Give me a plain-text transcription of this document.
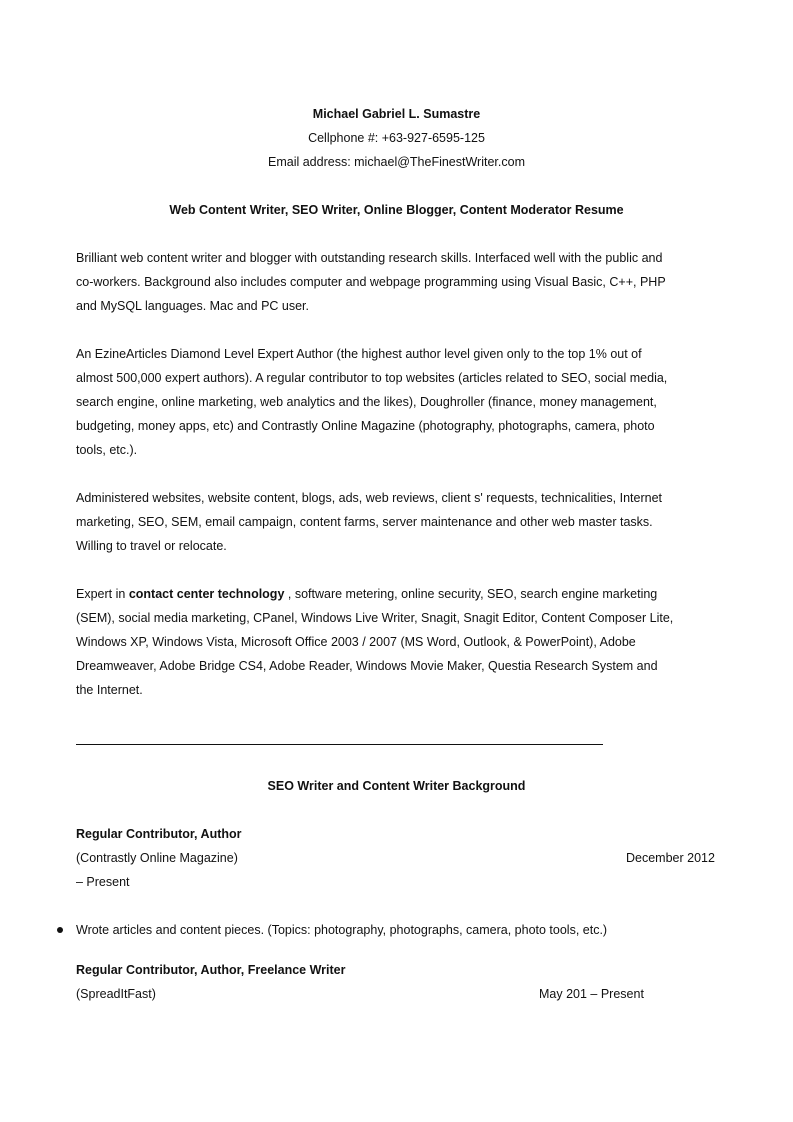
Michael Gabriel L. Sumastre
Cellphone #: +63-927-6595-125
Email address: michael@TheFinestWriter.com
Web Content Writer, SEO Writer, Online Blogger, Content Moderator Resume
Brilliant web content writer and blogger with outstanding research skills. Interfaced well with the public and
co-workers. Background also includes computer and webpage programming using Visual Basic, C++, PHP
and MySQL languages. Mac and PC user.
An EzineArticles Diamond Level Expert Author (the highest author level given only to the top 1% out of
almost 500,000 expert authors). A regular contributor to top websites (articles related to SEO, social media,
search engine, online marketing, web analytics and the likes), Doughroller (finance, money management,
budgeting, money apps, etc) and Contrastly Online Magazine (photography, photographs, camera, photo
tools, etc.).
Administered websites, website content, blogs, ads, web reviews, client s' requests, technicalities, Internet
marketing, SEO, SEM, email campaign, content farms, server maintenance and other web master tasks.
Willing to travel or relocate.
Expert in contact center technology , software metering, online security, SEO, search engine marketing
(SEM), social media marketing, CPanel, Windows Live Writer, Snagit, Snagit Editor, Content Composer Lite,
Windows XP, Windows Vista, Microsoft Office 2003 / 2007 (MS Word, Outlook, & PowerPoint), Adobe
Dreamweaver, Adobe Bridge CS4, Adobe Reader, Windows Movie Maker, Questia Research System and
the Internet.
SEO Writer and Content Writer Background
Regular Contributor, Author
(Contrastly Online Magazine)	December 2012
– Present
Wrote articles and content pieces. (Topics: photography, photographs, camera, photo tools, etc.)
Regular Contributor, Author, Freelance Writer
(SpreadItFast)	May 201 – Present
